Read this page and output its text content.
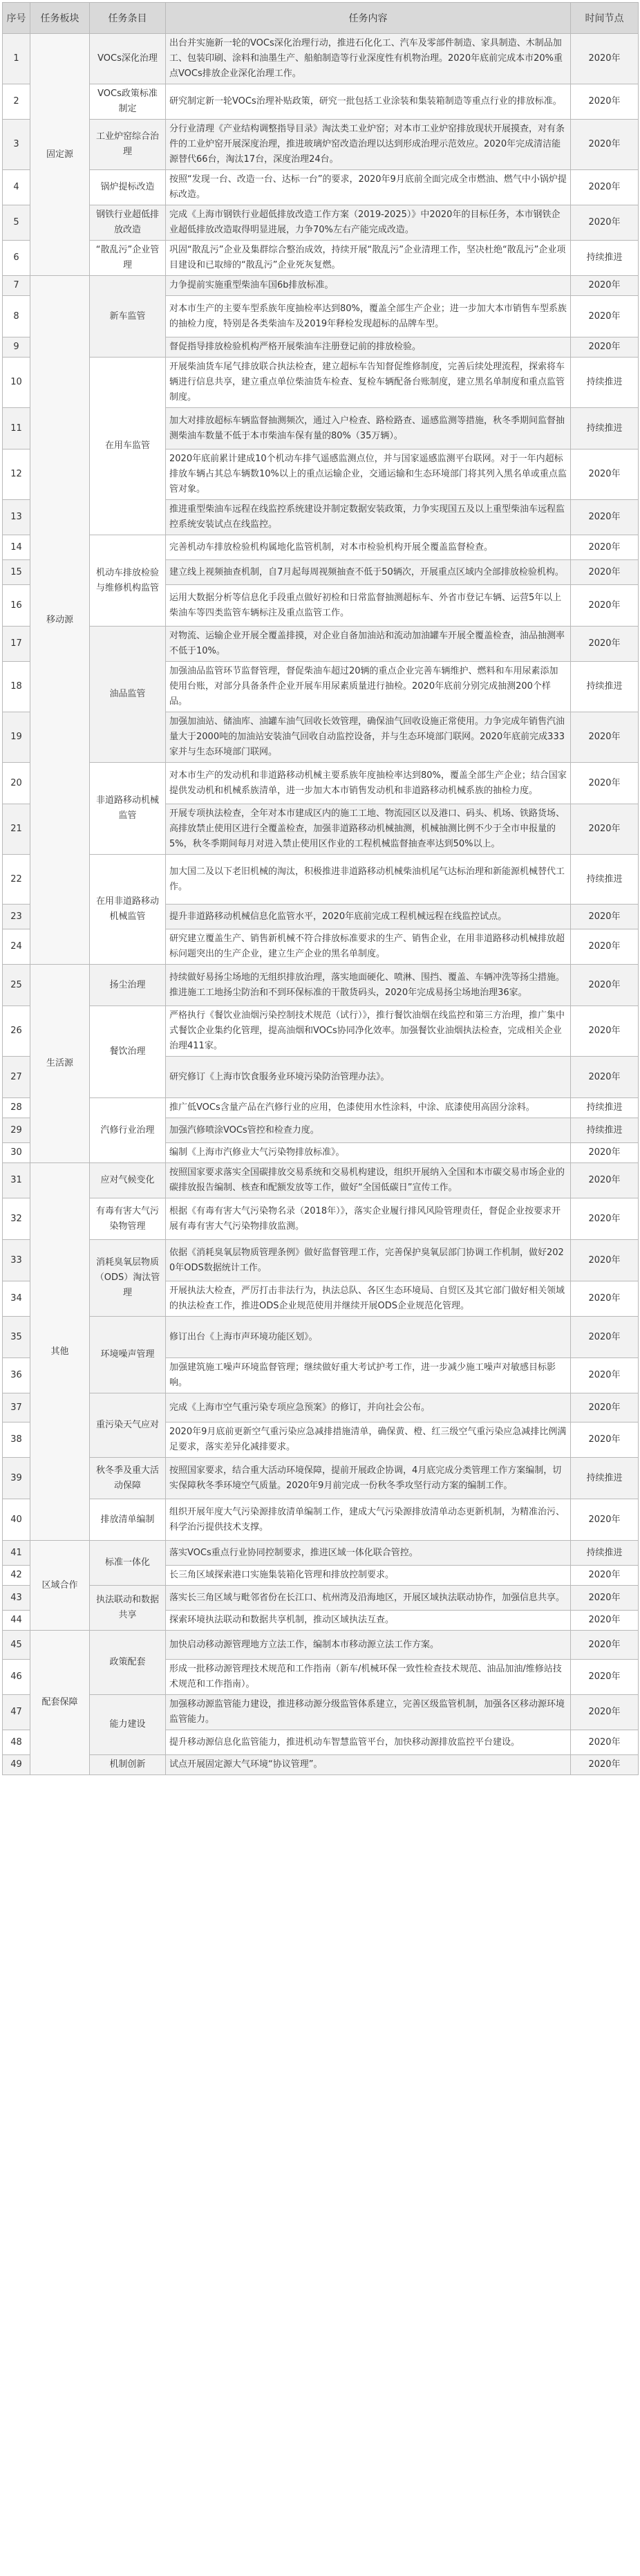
序号	任务板块	任务条目	任务内容	时间节点
1	固定源	VOCs深化治理	出台并实施新一轮的VOCs深化治理行动，推进石化化工、汽车及零部件制造、家具制造、木制品加工、包装印刷、涂料和油墨生产、船舶制造等行业深度性有机物治理。2020年底前完成本市20%重点VOCs排放企业深化治理工作。	2020年
2		VOCs政策标准制定	研究制定新一轮VOCs治理补贴政策，研究一批包括工业涂装和集装箱制造等重点行业的排放标准。	2020年
3		工业炉窑综合治理	分行业清理《产业结构调整指导目录》淘汰类工业炉窑；对本市工业炉窑排放现状开展摸查，对有条件的工业炉窑开展深度治理，推进玻璃炉窑改造治理以达到形成治理示范效应。2020年完成清洁能源替代66台，淘汰17台，深度治理24台。	2020年
4		锅炉提标改造	按照“发现一台、改造一台、达标一台”的要求，2020年9月底前全面完成全市燃油、燃气中小锅炉提标改造。	2020年
5		钢铁行业超低排放改造	完成《上海市钢铁行业超低排放改造工作方案（2019-2025）》中2020年的目标任务，本市钢铁企业超低排放改造取得明显进展，力争70%左右产能完成改造。	2020年
6		“散乱污”企业管理	巩固“散乱污”企业及集群综合整治成效，持续开展“散乱污”企业清理工作，坚决杜绝“散乱污”企业项目建设和已取缔的“散乱污”企业死灰复燃。	持续推进
7	移动源	新车监管	力争提前实施重型柴油车国6b排放标准。	2020年
8			对本市生产的主要车型系族年度抽检率达到80%，覆盖全部生产企业；进一步加大本市销售车型系族的抽检力度，特别是各类柴油车及2019年释检发现超标的品牌车型。	2020年
9			督促指导排放检验机构严格开展柴油车注册登记前的排放检验。	2020年
10		在用车监管	开展柴油货车尾气排放联合执法检查，建立超标车告知督促维修制度，完善后续处理流程，探索将车辆进行信息共享，建立重点单位柴油货车检查、复检车辆配备台账制度，建立黑名单制度和重点监管制度。	持续推进
11			加大对排放超标车辆监督抽测频次，通过入户检查、路检路查、遥感监测等措施，秋冬季期间监督抽测柴油车数量不低于本市柴油车保有量的80%（35万辆）。	持续推进
12			2020年底前累计建成10个机动车排气遥感监测点位，并与国家遥感监测平台联网。对于一年内超标排放车辆占其总车辆数10%以上的重点运输企业，交通运输和生态环境部门将其列入黑名单或重点监管对象。	2020年
13			推进重型柴油车远程在线监控系统建设并制定数据安装政策，力争实现国五及以上重型柴油车远程监控系统安装试点在线监控。	2020年
14		机动车排放检验与维修机构监管	完善机动车排放检验机构属地化监管机制，对本市检验机构开展全覆盖监督检查。	2020年
15			建立线上视频抽查机制，自7月起每周视频抽查不低于50辆次，开展重点区域内全部排放检验机构。	2020年
16			运用大数据分析等信息化手段重点做好初检和日常监督抽测超标车、外省市登记车辆、运营5年以上柴油车等四类监管车辆标注及重点监管工作。	2020年
17		油品监管	对物流、运输企业开展全覆盖排摸，对企业自备加油站和流动加油罐车开展全覆盖检查，油品抽测率不低于10%。	2020年
18			加强油品监管环节监督管理，督促柴油车超过20辆的重点企业完善车辆维护、燃料和车用尿素添加使用台账，对部分具备条件企业开展车用尿素质量进行抽检。2020年底前分别完成抽测200个样品。	持续推进
19			加强加油站、储油库、油罐车油气回收长效管理，确保油气回收设施正常使用。力争完成年销售汽油量大于2000吨的加油站安装油气回收自动监控设备，并与生态环境部门联网。2020年底前完成333家并与生态环境部门联网。	2020年
20		非道路移动机械监管	对本市生产的发动机和非道路移动机械主要系族年度抽检率达到80%，覆盖全部生产企业；结合国家提供发动机和机械系族清单，进一步加大本市销售发动机和非道路移动机械系族的抽检力度。	2020年
21			开展专项执法检查，全年对本市建成区内的施工工地、物流园区以及港口、码头、机场、铁路货场、高排放禁止使用区进行全覆盖检查，加强非道路移动机械抽测，机械抽测比例不少于全市申报量的5%，秋冬季期间每月对进入禁止使用区作业的工程机械监督抽查率达到50%以上。	2020年
22		在用非道路移动机械监管	加大国二及以下老旧机械的淘汰，积极推进非道路移动机械柴油机尾气达标治理和新能源机械替代工作。	持续推进
23			提升非道路移动机械信息化监管水平，2020年底前完成工程机械远程在线监控试点。	2020年
24			研究建立覆盖生产、销售新机械不符合排放标准要求的生产、销售企业，在用非道路移动机械排放超标问题突出的生产企业，建立生产企业的黑名单制度。	2020年
25	生活源	扬尘治理	持续做好易扬尘场地的无组织排放治理，落实地面硬化、喷淋、围挡、覆盖、车辆冲洗等扬尘措施。推进施工工地扬尘防治和不到环保标准的干散货码头，2020年完成易扬尘场地治理36家。	2020年
26		餐饮治理	严格执行《餐饮业油烟污染控制技术规范（试行）》，推行餐饮油烟在线监控和第三方治理，推广集中式餐饮企业集约化管理，提高油烟和VOCs协同净化效率。加强餐饮业油烟执法检查，完成相关企业治理411家。	2020年
27			研究修订《上海市饮食服务业环境污染防治管理办法》。	2020年
28		汽修行业治理	推广低VOCs含量产品在汽修行业的应用，色漆使用水性涂料，中涂、底漆使用高固分涂料。	持续推进
29			加强汽修喷涂VOCs管控和检查力度。	持续推进
30			编制《上海市汽修业大气污染物排放标准》。	2020年
31	其他	应对气候变化	按照国家要求落实全国碳排放交易系统和交易机构建设，组织开展纳入全国和本市碳交易市场企业的碳排放报告编制、核查和配额发放等工作，做好“全国低碳日”宣传工作。	2020年
32		有毒有害大气污染物管理	根据《有毒有害大气污染物名录（2018年）》，落实企业履行排风风险管理责任，督促企业按要求开展有毒有害大气污染物排放监测。	2020年
33		消耗臭氧层物质（ODS）淘汰管理	依据《消耗臭氧层物质管理条例》做好监督管理工作，完善保护臭氧层部门协调工作机制，做好2020年ODS数据统计工作。	2020年
34			开展执法大检查，严厉打击非法行为，执法总队、各区生态环境局、自贸区及其它部门做好相关领域的执法检查工作，推进ODS企业规范使用并继续开展ODS企业规范化管理。	2020年
35		环境噪声管理	修订出台《上海市声环境功能区划》。	2020年
36			加强建筑施工噪声环境监督管理；继续做好重大考试护考工作，进一步减少施工噪声对敏感目标影响。	2020年
37		重污染天气应对	完成《上海市空气重污染专项应急预案》的修订，并向社会公布。	2020年
38			2020年9月底前更新空气重污染应急减排措施清单，确保黄、橙、红三级空气重污染应急减排比例满足要求，落实差异化减排要求。	2020年
39		秋冬季及重大活动保障	按照国家要求，结合重大活动环境保障，提前开展政企协调，4月底完成分类管理工作方案编制，切实保障秋冬季环境空气质量。2020年9月前完成一份秋冬季攻坚行动方案的编制工作。	持续推进
40		排放清单编制	组织开展年度大气污染源排放清单编制工作，建成大气污染源排放清单动态更新机制，为精准治污、科学治污提供技术支撑。	2020年
41	区域合作	标准一体化	落实VOCs重点行业协同控制要求，推进区域一体化联合管控。	持续推进
42			长三角区域探索港口实施集装箱化管理和排放控制要求。	2020年
43		执法联动和数据共享	落实长三角区域与毗邻省份在长江口、杭州湾及沿海地区，开展区域执法联动协作，加强信息共享。	2020年
44			探索环境执法联动和数据共享机制，推动区域执法互查。	2020年
45	配套保障	政策配套	加快启动移动源管理地方立法工作，编制本市移动源立法工作方案。	2020年
46			形成一批移动源管理技术规范和工作指南（新车/机械环保一致性检查技术规范、油品加油/维修站技术规范和工作指南）。	2020年
47		能力建设	加强移动源监管能力建设，推进移动源分级监管体系建立，完善区级监管机制，加强各区移动源环境监管能力。	2020年
48			提升移动源信息化监管能力，推进机动车智慧监管平台，加快移动源排放监控平台建设。	2020年
49		机制创新	试点开展固定源大气环境“协议管理”。	2020年
